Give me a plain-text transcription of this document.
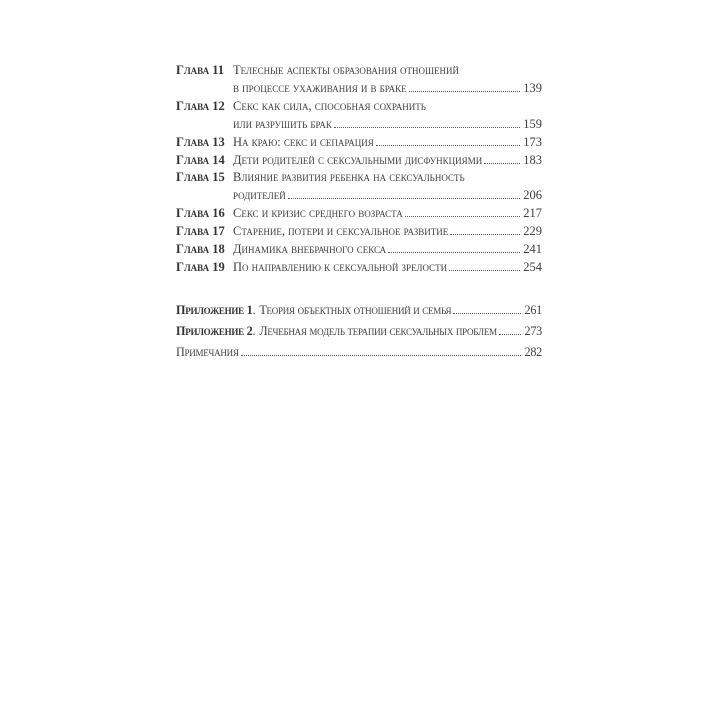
Глава 11 Телесные аспекты образования отношений
в процессе ухаживания и в браке	139
Глава 12 Секс как сила, способная сохранить
или разрушить брак	159
Глава 13 На краю: секс и сепарация	173
Глава 14 Дети родителей с сексуальными дисфункциями	183
Глава 15 Влияние развития ребенка на сексуальность
родителей	206
Глава 16 Секс и кризис среднего возраста	217
Глава 17 Старение, потери и сексуальное развитие	229
Глава 18 Динамика внебрачного секса	241
Глава 19 По направлению к сексуальной зрелости	254
Приложение 1 . Теория объектных отношений и семья	261
Приложение 2 . Лечебная модель терапии сексуальных проблем 273
Примечания	282
